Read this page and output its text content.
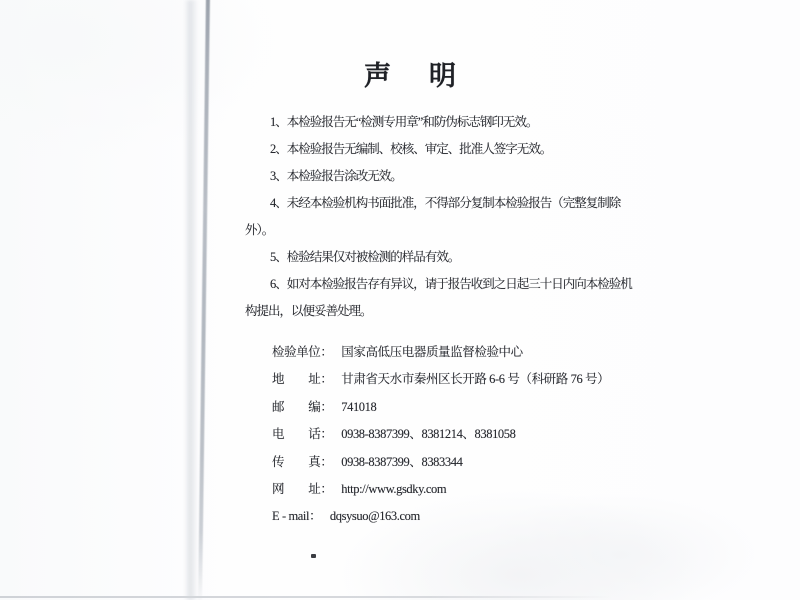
声明

1、本检验报告无“检测专用章”和防伪标志钢印无效。

2、本检验报告无编制、校核、审定、批准人签字无效。

3、本检验报告涂改无效。

4、未经本检验机构书面批准，不得部分复制本检验报告（完整复制除外）。

5、检验结果仅对被检测的样品有效。

6、如对本检验报告存有异议，请于报告收到之日起三十日内向本检验机构提出，以便妥善处理。

检验单位： 国家高低压电器质量监督检验中心

地　　址： 甘肃省天水市秦州区长开路 6-6 号（科研路 76 号）

邮　　编： 741018

电　　话： 0938-8387399、8381214、8381058

传　　真： 0938-8387399、8383344

网　　址： http://www.gsdky.com

E - mail： dqsysuo@163.com
